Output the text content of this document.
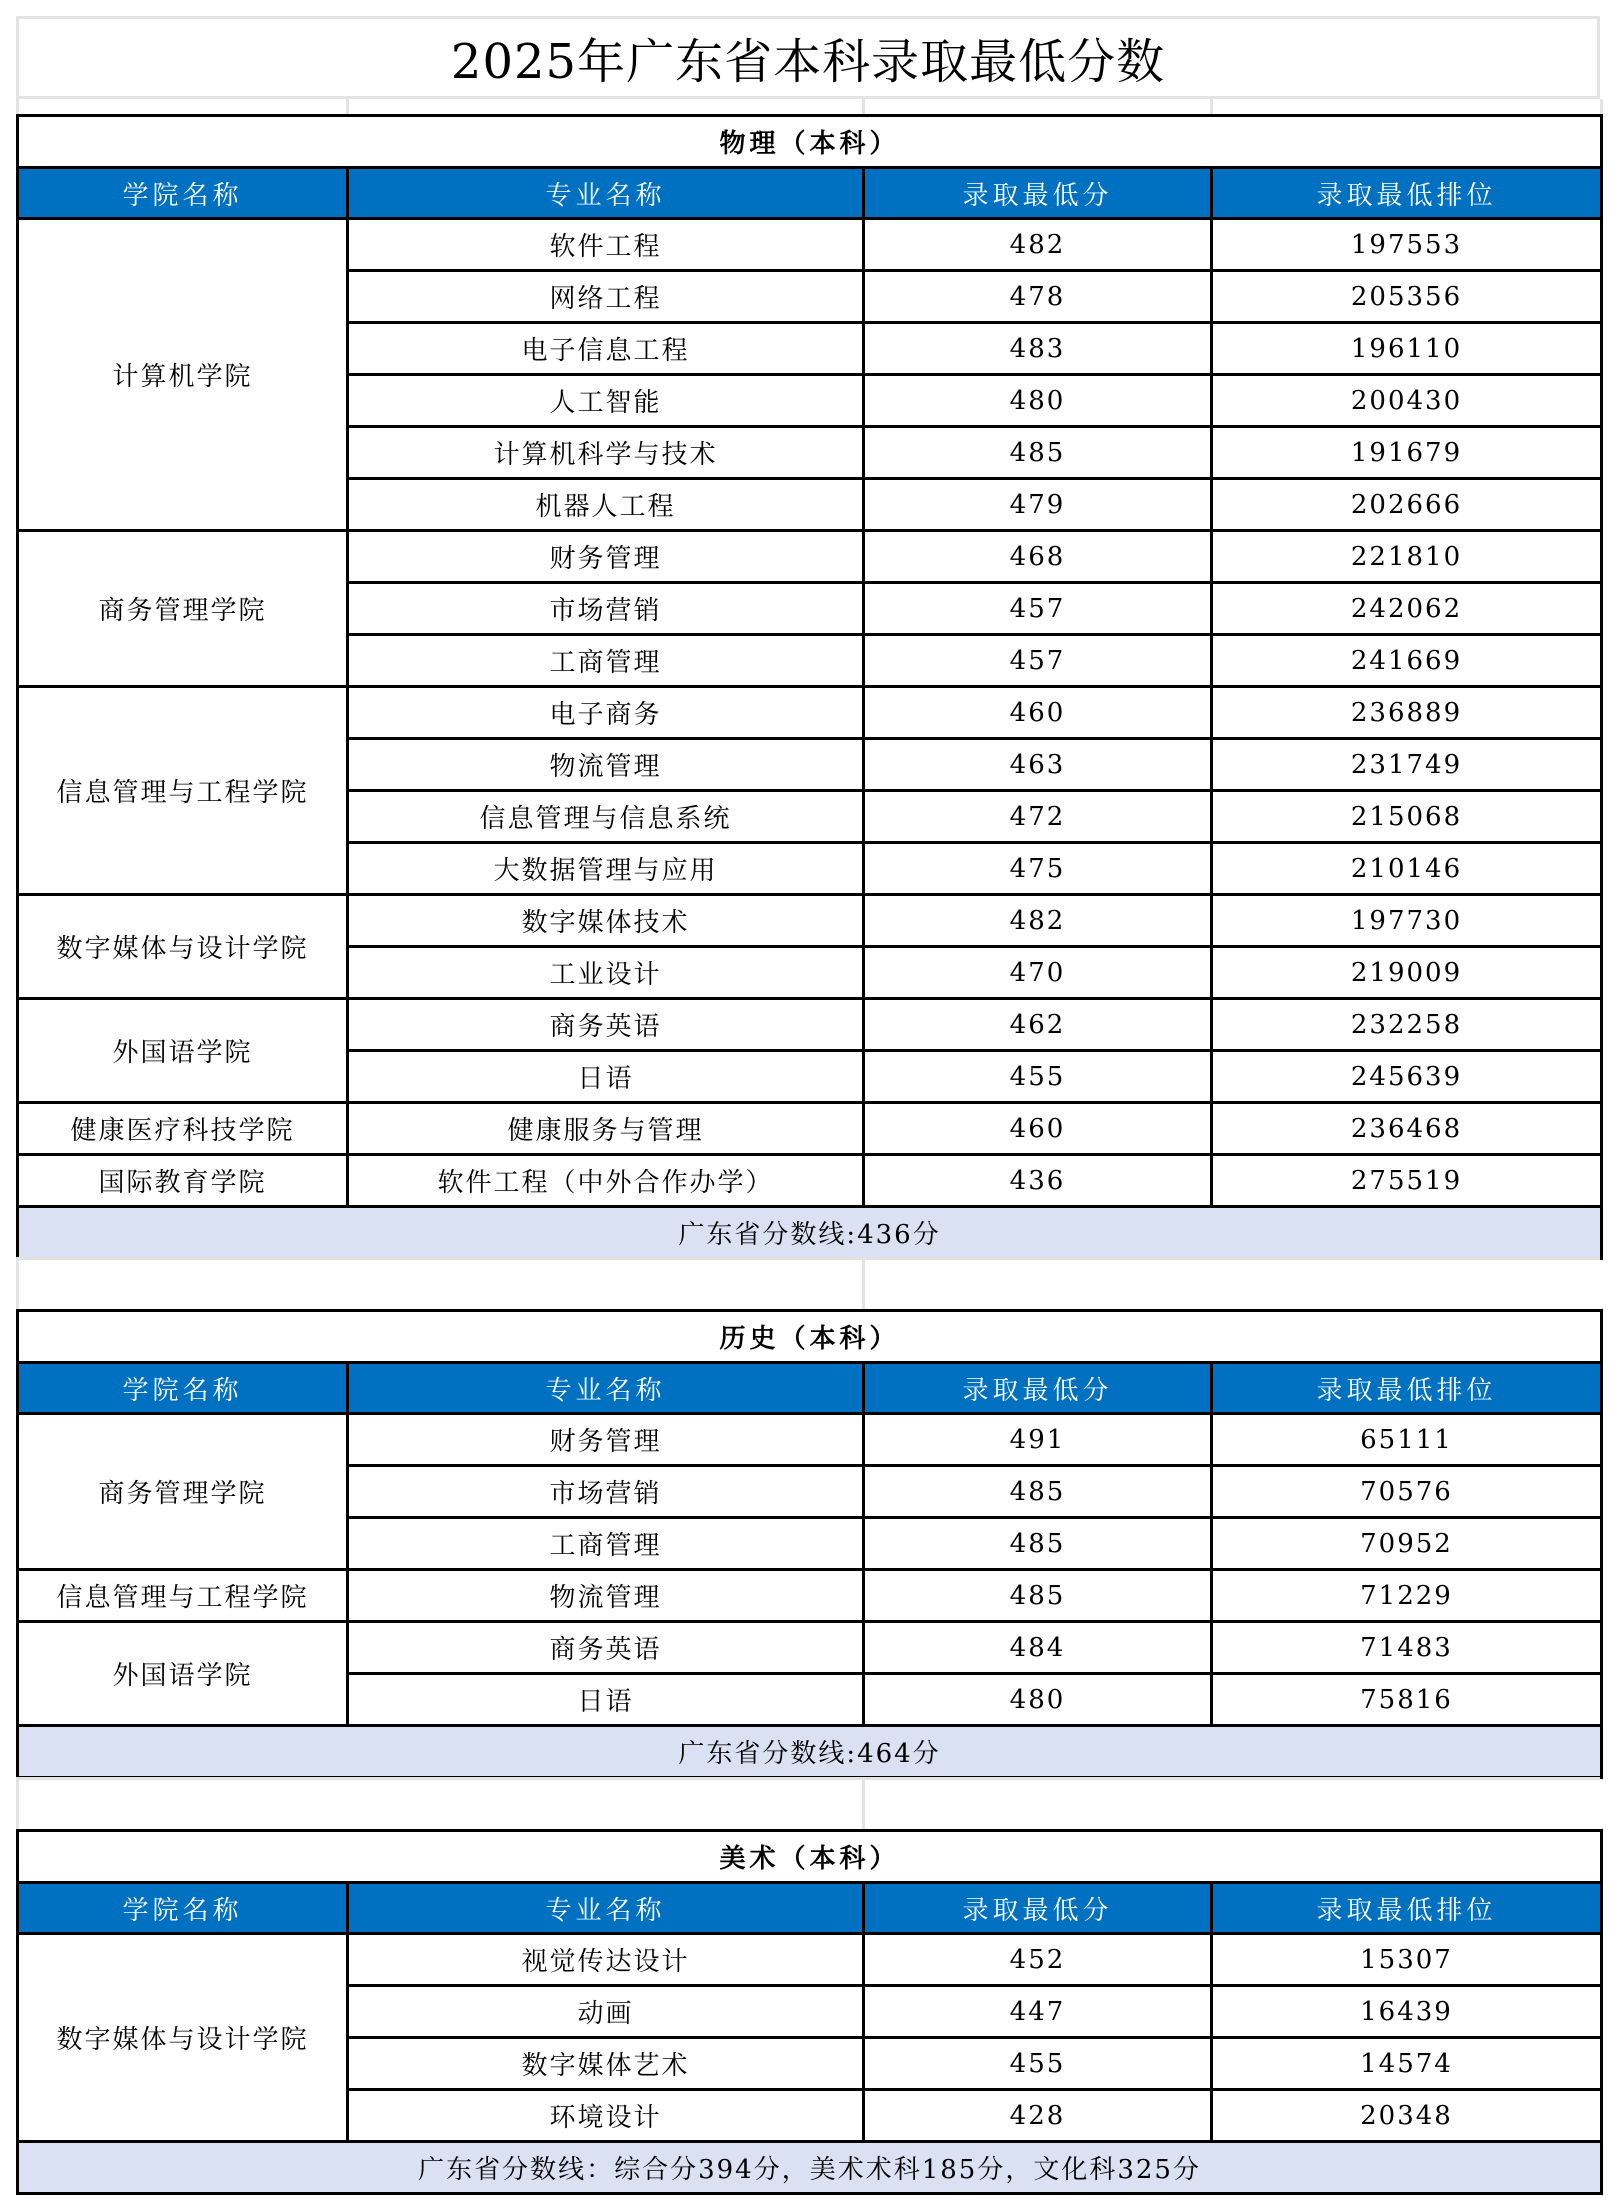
2025年广东省本科录取最低分数
物理（本科）			
学院名称	专业名称	录取最低分	录取最低排位
计算机学院	软件工程	482	197553
	网络工程	478	205356
	电子信息工程	483	196110
	人工智能	480	200430
	计算机科学与技术	485	191679
	机器人工程	479	202666
商务管理学院	财务管理	468	221810
	市场营销	457	242062
	工商管理	457	241669
信息管理与工程学院	电子商务	460	236889
	物流管理	463	231749
	信息管理与信息系统	472	215068
	大数据管理与应用	475	210146
数字媒体与设计学院	数字媒体技术	482	197730
	工业设计	470	219009
外国语学院	商务英语	462	232258
	日语	455	245639
健康医疗科技学院	健康服务与管理	460	236468
国际教育学院	软件工程（中外合作办学）	436	275519
广东省分数线:436分			
历史（本科）			
学院名称	专业名称	录取最低分	录取最低排位
商务管理学院	财务管理	491	65111
	市场营销	485	70576
	工商管理	485	70952
信息管理与工程学院	物流管理	485	71229
外国语学院	商务英语	484	71483
	日语	480	75816
广东省分数线:464分			
美术（本科）			
学院名称	专业名称	录取最低分	录取最低排位
数字媒体与设计学院	视觉传达设计	452	15307
	动画	447	16439
	数字媒体艺术	455	14574
	环境设计	428	20348
广东省分数线：综合分394分，美术术科185分，文化科325分			
